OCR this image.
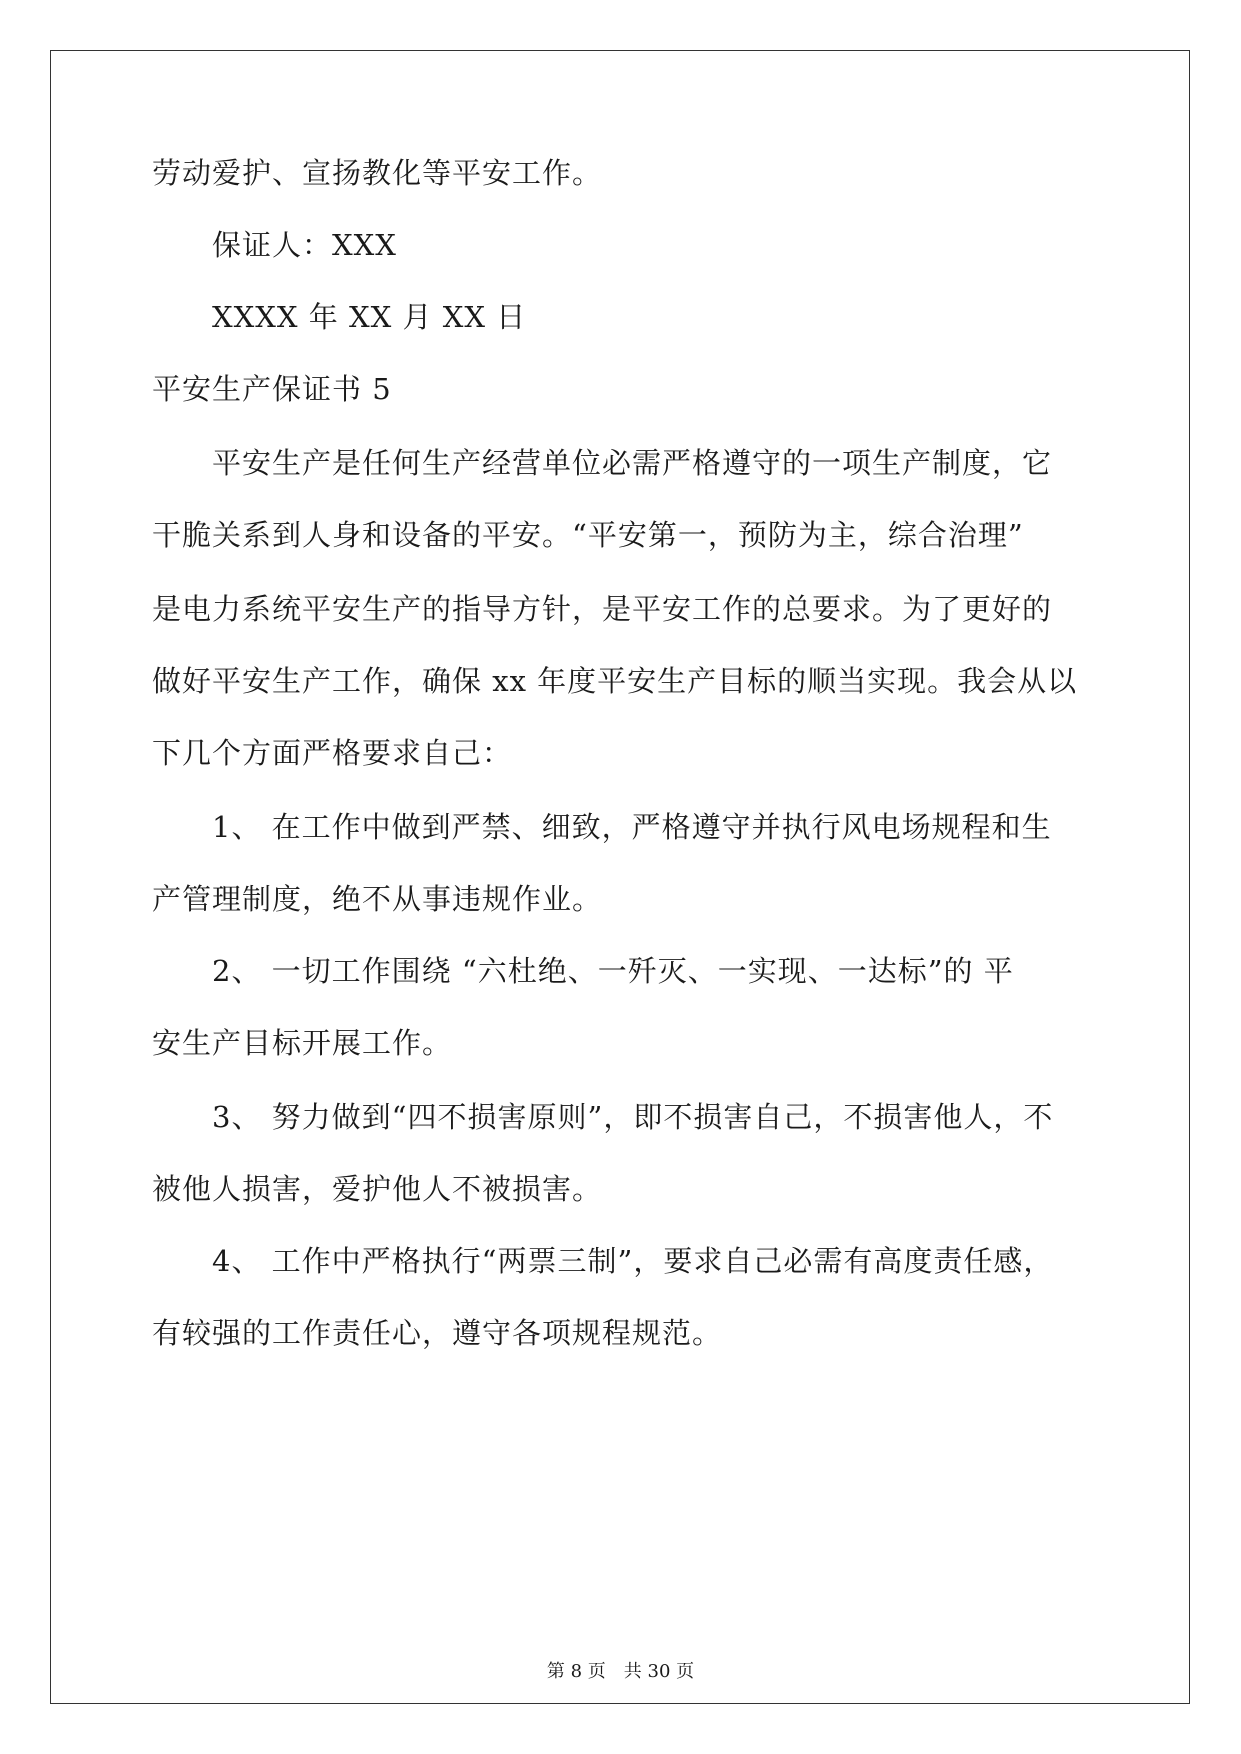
劳动爱护、宣扬教化等平安工作。
保证人：XXX
XXXX 年 XX 月 XX 日
平安生产保证书 5
平安生产是任何生产经营单位必需严格遵守的一项生产制度，它
干脆关系到人身和设备的平安。“平安第一，预防为主，综合治理”
是电力系统平安生产的指导方针，是平安工作的总要求。为了更好的
做好平安生产工作，确保 xx 年度平安生产目标的顺当实现。我会从以
下几个方面严格要求自己：
1、 在工作中做到严禁、细致，严格遵守并执行风电场规程和生
产管理制度，绝不从事违规作业。
2、 一切工作围绕 “六杜绝、一歼灭、一实现、一达标”的 平
安生产目标开展工作。
3、 努力做到“四不损害原则”，即不损害自己，不损害他人，不
被他人损害，爱护他人不被损害。
4、 工作中严格执行“两票三制”，要求自己必需有高度责任感，
有较强的工作责任心，遵守各项规程规范。
第 8 页 共 30 页
